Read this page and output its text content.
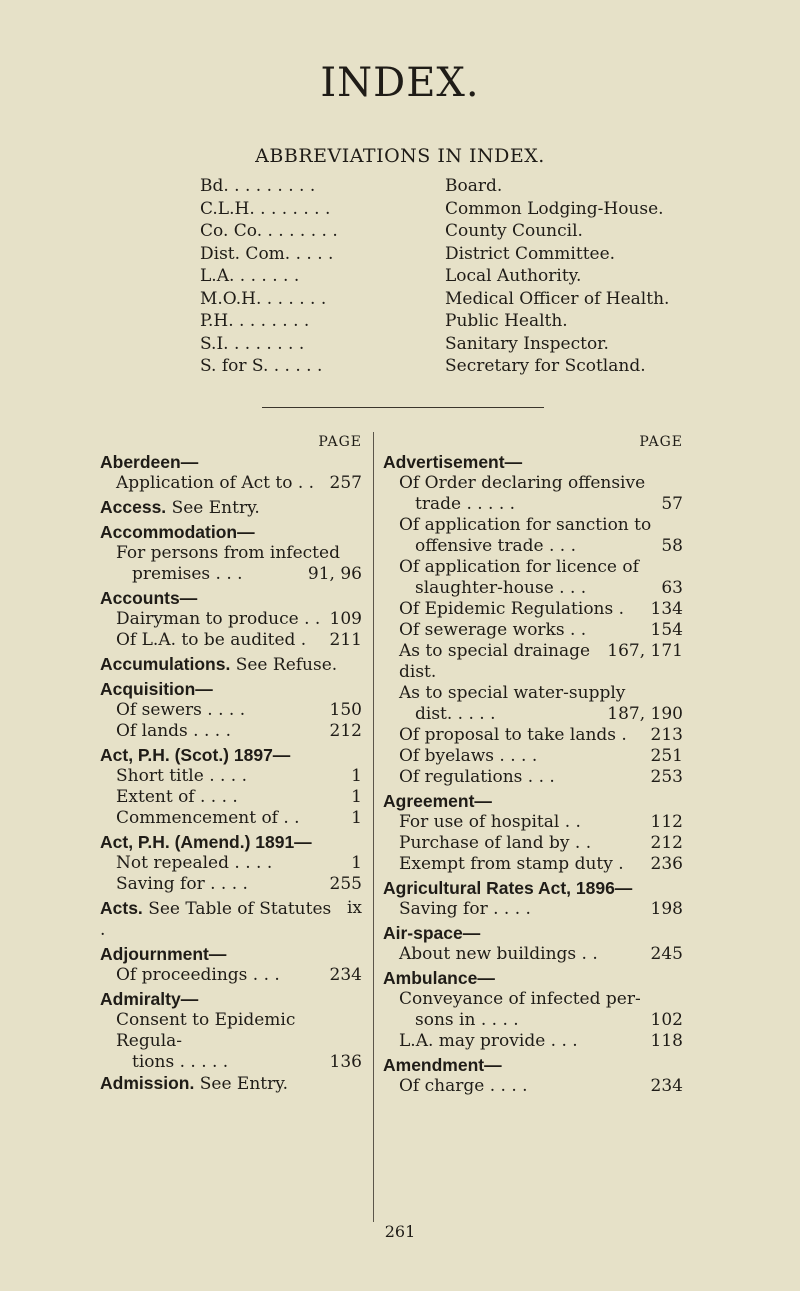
INDEX.
ABBREVIATIONS IN INDEX.
Bd. . . . . . . . .	Board.
C.L.H. . . . . . . .	Common Lodging-House.
Co. Co. . . . . . . .	County Council.
Dist. Com. . . . .	District Committee.
L.A. . . . . . .	Local Authority.
M.O.H. . . . . . .	Medical Officer of Health.
P.H. . . . . . . .	Public Health.
S.I. . . . . . . .	Sanitary Inspector.
S. for S. . . . . .	Secretary for Scotland.
PAGE
Aberdeen—
Application of Act to . . 257
Access. See Entry.
Accommodation—
For persons from infected
premises . . .	91, 96
Accounts—
Dairyman to produce . . 109
Of L.A. to be audited .	211
Accumulations. See Refuse.
Acquisition—
Of sewers . . . .	150
Of lands . . . .	212
Act, P.H. (Scot.) 1897—
Short title . . . .	1
Extent of . . . .	1
Commencement of . .	1
Act, P.H. (Amend.) 1891—
Not repealed . . . .	1
Saving for . . . .	255
Acts. See Table of Statutes .
ix
Adjournment—
Of proceedings . . .	234
Admiralty—
Consent to Epidemic Regula-
tions . . . . .	136
Admission. See Entry.
PAGE
Advertisement—
Of Order declaring offensive
trade . . . . .	57
Of application for sanction to
offensive trade . . .	58
Of application for licence of
slaughter-house . . .	63
Of Epidemic Regulations .	134
Of sewerage works . .	154
As to special drainage dist.
167, 171
As to special water-supply
dist. . . . .	187, 190
Of proposal to take lands .	213
Of byelaws . . . .	251
Of regulations . . .	253
Agreement—
For use of hospital . .	112
Purchase of land by . .	212
Exempt from stamp duty .	236
Agricultural Rates Act, 1896—
Saving for . . . .	198
Air-space—
About new buildings . .	245
Ambulance—
Conveyance of infected per-
sons in . . . .	102
L.A. may provide . . .	118
Amendment—
Of charge . . . .	234
261
